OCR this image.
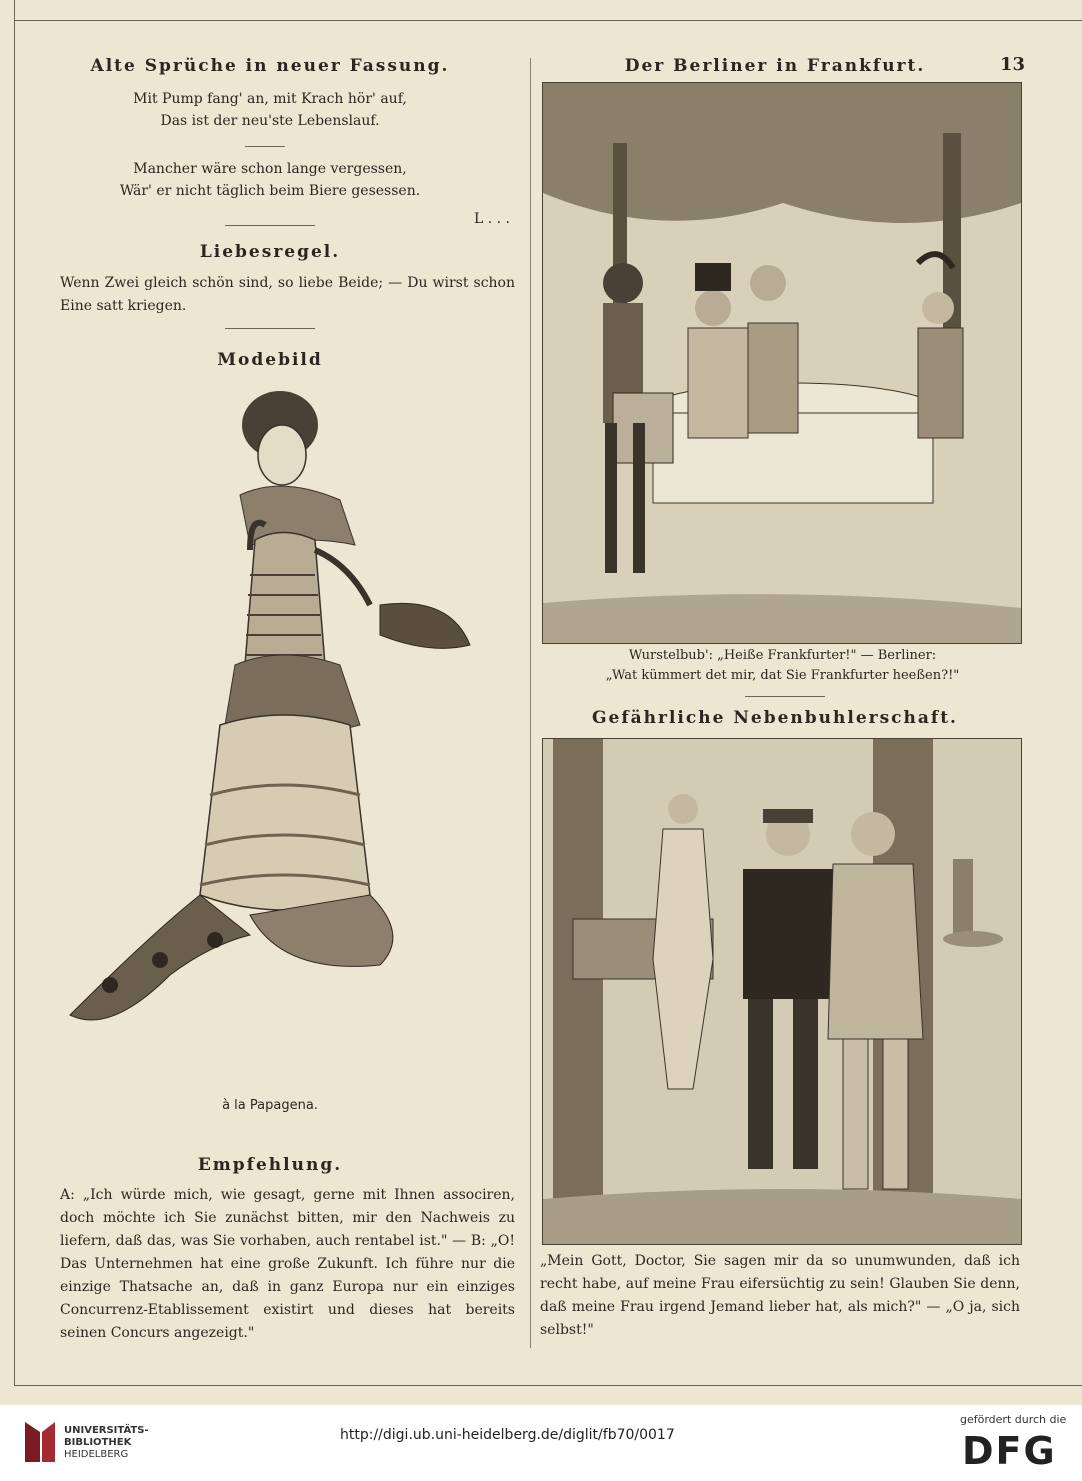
Alte Sprüche in neuer Fassung.
Mit Pump fang' an, mit Krach hör' auf,
Das ist der neu'ste Lebenslauf.
Mancher wäre schon lange vergessen,
Wär' er nicht täglich beim Biere gesessen.
L . . .
Liebesregel.
Wenn Zwei gleich schön sind, so liebe Beide; — Du wirst schon Eine satt kriegen.
Modebild
à la Papagena.
Empfehlung.
A: „Ich würde mich, wie gesagt, gerne mit Ihnen associren, doch möchte ich Sie zunächst bitten, mir den Nachweis zu liefern, daß das, was Sie vorhaben, auch rentabel ist." — B: „O! Das Unternehmen hat eine große Zukunft. Ich führe nur die einzige Thatsache an, daß in ganz Europa nur ein einziges Concurrenz-Etablissement existirt und dieses hat bereits seinen Concurs angezeigt."
Der Berliner in Frankfurt.	13
Wurstelbub': „Heiße Frankfurter!" — Berliner:
„Wat kümmert det mir, dat Sie Frankfurter heeßen?!"
Gefährliche Nebenbuhlerschaft.
„Mein Gott, Doctor, Sie sagen mir da so unumwunden, daß ich recht habe, auf meine Frau eifersüchtig zu sein! Glauben Sie denn, daß meine Frau irgend Jemand lieber hat, als mich?" — „O ja, sich selbst!"
UNIVERSITÄTS-
BIBLIOTHEK
HEIDELBERG
http://digi.ub.uni-heidelberg.de/diglit/fb70/0017
gefördert durch die
DFG
